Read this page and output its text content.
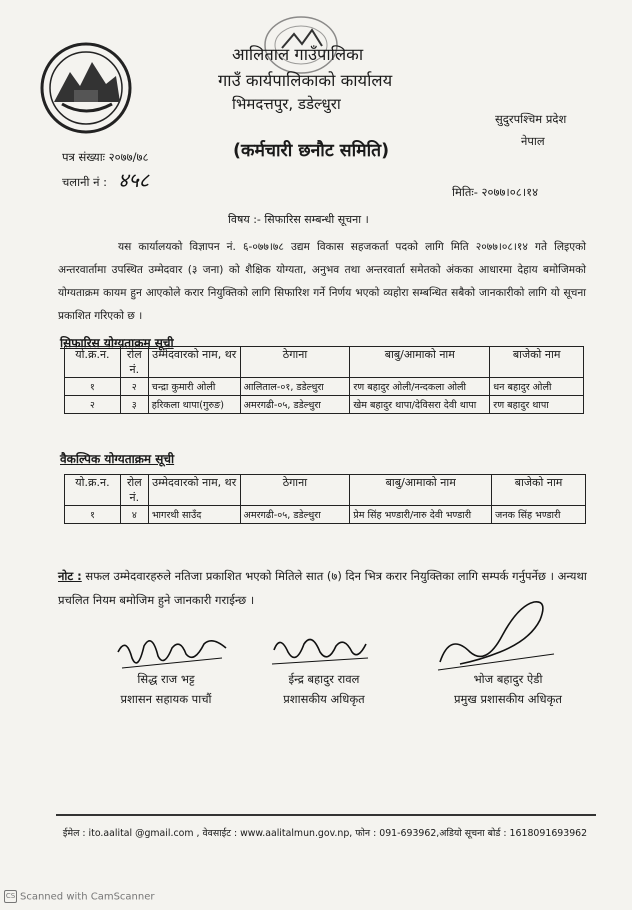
आलिताल गाउँपालिका
गाउँ कार्यपालिकाको कार्यालय
भिमदत्तपुर, डडेल्धुरा
सुदुरपश्चिम प्रदेश
नेपाल
(कर्मचारी छनौट समिति)
पत्र संख्याः २०७७/७८
चलानी नं : ४५८	मितिः- २०७७।०८।१४
विषय :- सिफारिस सम्बन्धी सूचना ।
यस कार्यालयको विज्ञापन नं. ६-०७७।७८ उद्यम विकास सहजकर्ता पदको लागि मिति २०७७।०८।१४ गते लिइएको अन्तरवार्तामा उपस्थित उम्मेदवार (३ जना) को शैक्षिक योग्यता, अनुभव तथा अन्तरवार्ता समेतको अंकका आधारमा देहाय बमोजिमको योग्यताक्रम कायम हुन आएकोले करार नियुक्तिको लागि सिफारिश गर्ने निर्णय भएको व्यहोरा सम्बन्धित सबैको जानकारीको लागि यो सूचना प्रकाशित गरिएको छ ।
सिफारिस योग्यताक्रम सूची
यो.क्र.न.	रोल नं.	उम्मेदवारको नाम, थर	ठेगाना	बाबु/आमाको नाम	बाजेको नाम
१	२	चन्द्रा कुमारी ओली	आलिताल-०१, डडेल्धुरा	रण बहादुर ओली/नन्दकला ओली	धन बहादुर ओली
२	३	हरिकला थापा(गुरुङ)	अमरगढी-०५, डडेल्धुरा	खेम बहादुर थापा/देविसरा देवी थापा	रण बहादुर थापा
वैकल्पिक योग्यताक्रम सूची
यो.क्र.न.	रोल नं.	उम्मेदवारको नाम, थर	ठेगाना	बाबु/आमाको नाम	बाजेको नाम
१	४	भागरथी साउँद	अमरगढी-०५, डडेल्धुरा	प्रेम सिंह भण्डारी/नारु देवी भण्डारी	जनक सिंह भण्डारी
नोट : सफल उम्मेदवारहरुले नतिजा प्रकाशित भएको मितिले सात (७) दिन भित्र करार नियुक्तिका लागि सम्पर्क गर्नुपर्नेछ । अन्यथा प्रचलित नियम बमोजिम हुने जानकारी गराईन्छ ।
सिद्ध राज भट्ट
प्रशासन सहायक पाचौं
ईन्द्र बहादुर रावल
प्रशासकीय अधिकृत
भोज बहादुर ऐडी
प्रमुख प्रशासकीय अधिकृत
ईमेल : ito.aalital @gmail.com , वेवसाईट : www.aalitalmun.gov.np, फोन : 091-693962,अडियो सूचना बोर्ड : 1618091693962
CS Scanned with CamScanner
